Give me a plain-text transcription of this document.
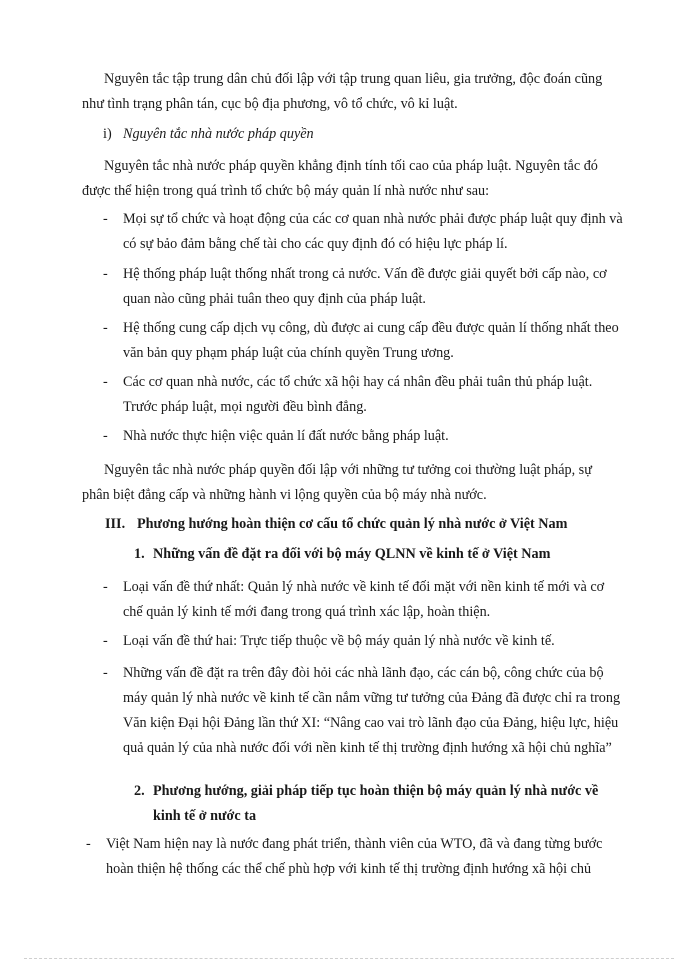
Nguyên tắc tập trung dân chủ đối lập với tập trung quan liêu, gia trưởng, độc đoán cũng như tình trạng phân tán, cục bộ địa phương, vô tổ chức, vô kỉ luật.

i) Nguyên tắc nhà nước pháp quyền

Nguyên tắc nhà nước pháp quyền khẳng định tính tối cao của pháp luật. Nguyên tắc đó được thể hiện trong quá trình tổ chức bộ máy quản lí nhà nước như sau:

- Mọi sự tổ chức và hoạt động của các cơ quan nhà nước phải được pháp luật quy định và có sự bảo đảm bằng chế tài cho các quy định đó có hiệu lực pháp lí.

- Hệ thống pháp luật thống nhất trong cả nước. Vấn đề được giải quyết bởi cấp nào, cơ quan nào cũng phải tuân theo quy định của pháp luật.

- Hệ thống cung cấp dịch vụ công, dù được ai cung cấp đều được quản lí thống nhất theo văn bản quy phạm pháp luật của chính quyền Trung ương.

- Các cơ quan nhà nước, các tổ chức xã hội hay cá nhân đều phải tuân thủ pháp luật. Trước pháp luật, mọi người đều bình đẳng.

- Nhà nước thực hiện việc quản lí đất nước bằng pháp luật.

Nguyên tắc nhà nước pháp quyền đối lập với những tư tưởng coi thường luật pháp, sự phân biệt đẳng cấp và những hành vi lộng quyền của bộ máy nhà nước.

III. Phương hướng hoàn thiện cơ cấu tổ chức quản lý nhà nước ở Việt Nam
1. Những vấn đề đặt ra đối với bộ máy QLNN về kinh tế ở Việt Nam
- Loại vấn đề thứ nhất: Quản lý nhà nước về kinh tế đối mặt với nền kinh tế mới và cơ chế quản lý kinh tế mới đang trong quá trình xác lập, hoàn thiện.

- Loại vấn đề thứ hai: Trực tiếp thuộc về bộ máy quản lý nhà nước về kinh tế.

- Những vấn đề đặt ra trên đây đòi hỏi các nhà lãnh đạo, các cán bộ, công chức của bộ máy quản lý nhà nước về kinh tế cần nắm vững tư tưởng của Đảng đã được chỉ ra trong Văn kiện Đại hội Đảng lần thứ XI: “Nâng cao vai trò lãnh đạo của Đảng, hiệu lực, hiệu quả quản lý của nhà nước đối với nền kinh tế thị trường định hướng xã hội chủ nghĩa”

2. Phương hướng, giải pháp tiếp tục hoàn thiện bộ máy quản lý nhà nước về kinh tế ở nước ta

- Việt Nam hiện nay là nước đang phát triển, thành viên của WTO, đã và đang từng bước hoàn thiện hệ thống các thể chế phù hợp với kinh tế thị trường định hướng xã hội chủ
